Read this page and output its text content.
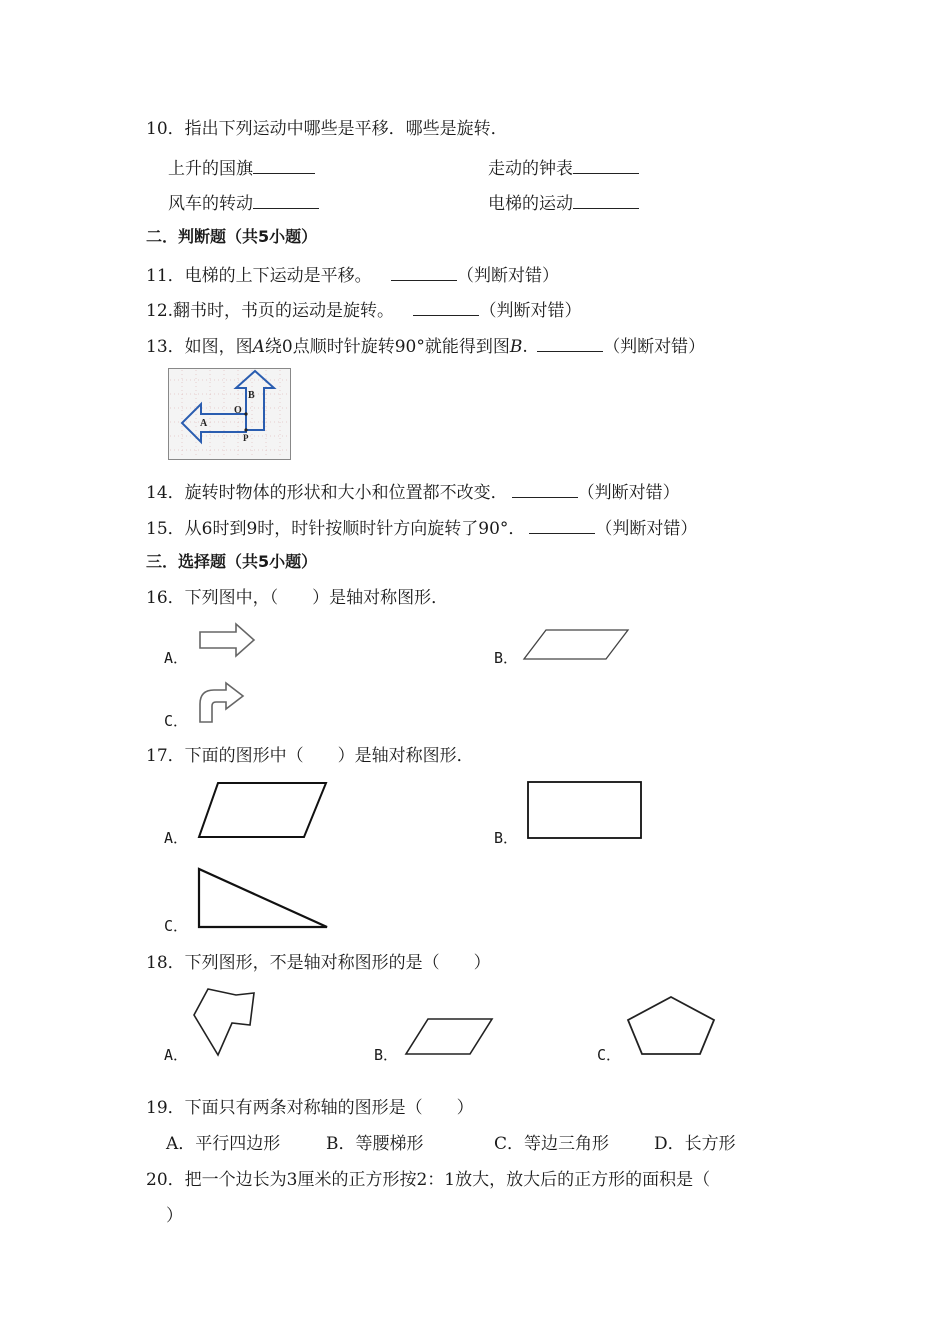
10．指出下列运动中哪些是平移．哪些是旋转．
上升的国旗	走动的钟表
风车的转动	电梯的运动
二．判断题（共5小题）
11．电梯的上下运动是平移。	（判断对错）
12.翻书时，书页的运动是旋转。	（判断对错）
13．如图，图A绕0点顺时针旋转90°就能得到图B.	（判断对错）
B
O
A
P
14．旋转时物体的形状和大小和位置都不改变．	（判断对错）
15．从6时到9时，时针按顺时针方向旋转了90°．	（判断对错）
三．选择题（共5小题）
16．下列图中，（　　）是轴对称图形．
A．	B．
C．
17．下面的图形中（　　）是轴对称图形．
A．	B．
C．
18．下列图形，不是轴对称图形的是（　　）
A．	B．	C．
19．下面只有两条对称轴的图形是（　　）
A．平行四边形	B．等腰梯形	C．等边三角形	D．长方形
20．把一个边长为3厘米的正方形按2：1放大，放大后的正方形的面积是（
）
